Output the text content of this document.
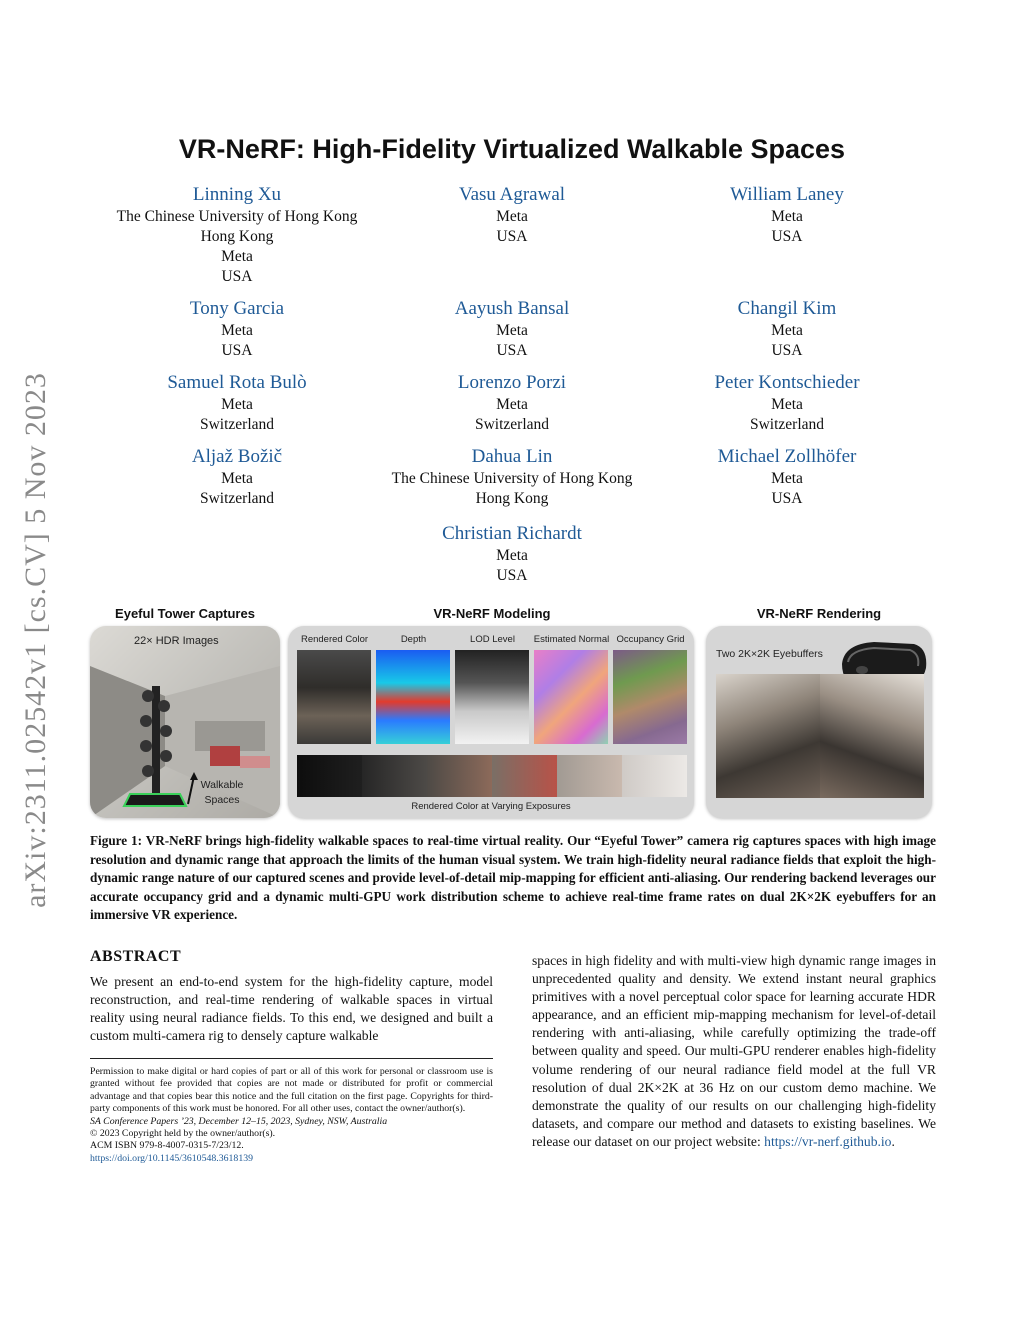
arXiv:2311.02542v1 [cs.CV] 5 Nov 2023
VR-NeRF: High-Fidelity Virtualized Walkable Spaces
Linning Xu
The Chinese University of Hong Kong
Hong Kong
Meta
USA
Vasu Agrawal
Meta
USA
William Laney
Meta
USA
Tony Garcia
Meta
USA
Aayush Bansal
Meta
USA
Changil Kim
Meta
USA
Samuel Rota Bulò
Meta
Switzerland
Lorenzo Porzi
Meta
Switzerland
Peter Kontschieder
Meta
Switzerland
Aljaž Božič
Meta
Switzerland
Dahua Lin
The Chinese University of Hong Kong
Hong Kong
Michael Zollhöfer
Meta
USA
Christian Richardt
Meta
USA
Eyeful Tower Captures	VR-NeRF Modeling	VR-NeRF Rendering
22× HDR Images
Walkable
Spaces
Rendered Color	Depth	LOD Level	Estimated Normal Occupancy Grid
Rendered Color at Varying Exposures
Two 2K×2K Eyebuffers
Figure 1: VR-NeRF brings high-fidelity walkable spaces to real-time virtual reality. Our “Eyeful Tower” camera rig captures spaces with high image resolution and dynamic range that approach the limits of the human visual system. We train high-fidelity neural radiance fields that exploit the high-dynamic range nature of our captured scenes and provide level-of-detail mip-mapping for efficient anti-aliasing. Our rendering backend leverages our accurate occupancy grid and a dynamic multi-GPU work distribution scheme to achieve real-time frame rates on dual 2K×2K eyebuffers for an immersive VR experience.
ABSTRACT
We present an end-to-end system for the high-fidelity capture, model reconstruction, and real-time rendering of walkable spaces in virtual reality using neural radiance fields. To this end, we designed and built a custom multi-camera rig to densely capture walkable
spaces in high fidelity and with multi-view high dynamic range images in unprecedented quality and density. We extend instant neural graphics primitives with a novel perceptual color space for learning accurate HDR appearance, and an efficient mip-mapping mechanism for level-of-detail rendering with anti-aliasing, while carefully optimizing the trade-off between quality and speed. Our multi-GPU renderer enables high-fidelity volume rendering of our neural radiance field model at the full VR resolution of dual 2K×2K at 36 Hz on our custom demo machine. We demonstrate the quality of our results on our challenging high-fidelity datasets, and compare our method and datasets to existing baselines. We release our dataset on our project website: https://vr-nerf.github.io.
Permission to make digital or hard copies of part or all of this work for personal or classroom use is granted without fee provided that copies are not made or distributed for profit or commercial advantage and that copies bear this notice and the full citation on the first page. Copyrights for third-party components of this work must be honored. For all other uses, contact the owner/author(s).
SA Conference Papers ’23, December 12–15, 2023, Sydney, NSW, Australia
© 2023 Copyright held by the owner/author(s).
ACM ISBN 979-8-4007-0315-7/23/12.
https://doi.org/10.1145/3610548.3618139
